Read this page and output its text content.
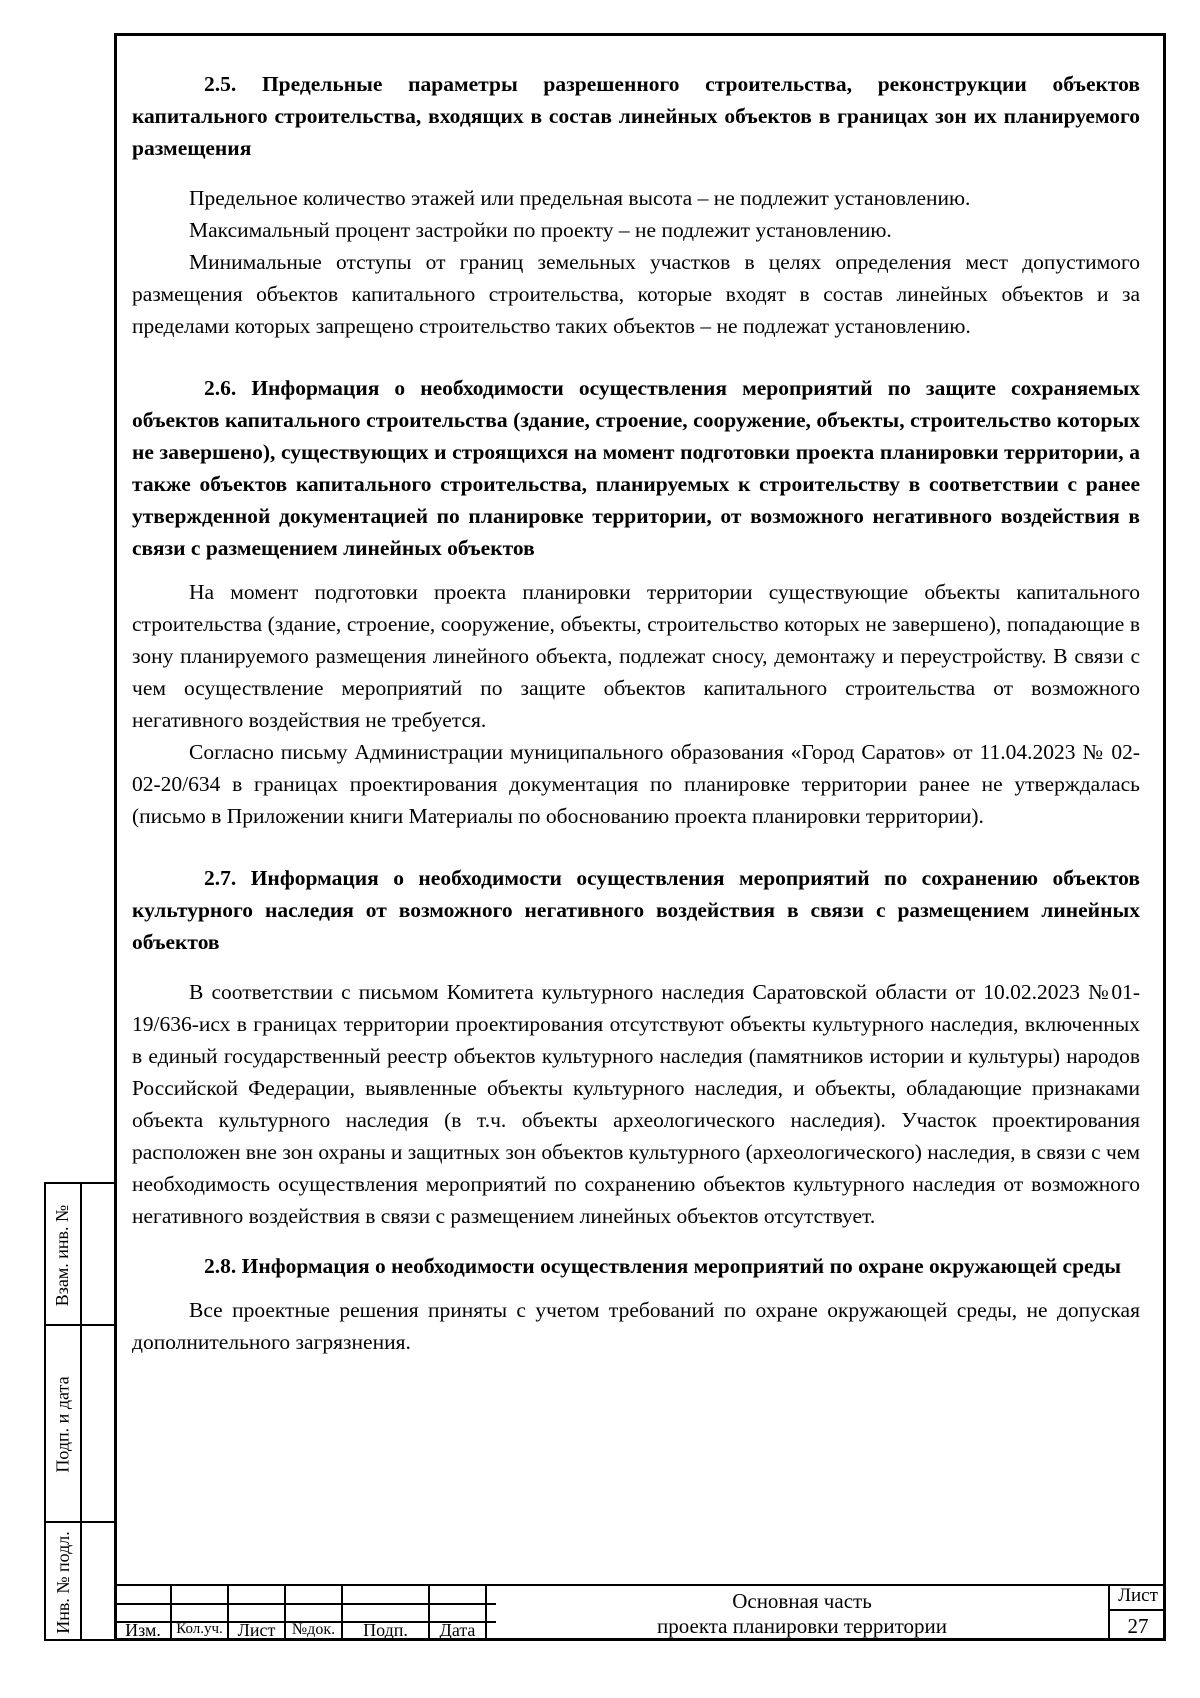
2.5. Предельные параметры разрешенного строительства, реконструкции объектов капитального строительства, входящих в состав линейных объектов в границах зон их планируемого размещения

Предельное количество этажей или предельная высота – не подлежит установлению.

Максимальный процент застройки по проекту – не подлежит установлению.

Минимальные отступы от границ земельных участков в целях определения мест допустимого размещения объектов капитального строительства, которые входят в состав линейных объектов и за пределами которых запрещено строительство таких объектов – не подлежат установлению.

2.6. Информация о необходимости осуществления мероприятий по защите сохраняемых объектов капитального строительства (здание, строение, сооружение, объекты, строительство которых не завершено), существующих и строящихся на момент подготовки проекта планировки территории, а также объектов капитального строительства, планируемых к строительству в соответствии с ранее утвержденной документацией по планировке территории, от возможного негативного воздействия в связи с размещением линейных объектов

На момент подготовки проекта планировки территории существующие объекты капитального строительства (здание, строение, сооружение, объекты, строительство которых не завершено), попадающие в зону планируемого размещения линейного объекта, подлежат сносу, демонтажу и переустройству. В связи с чем осуществление мероприятий по защите объектов капитального строительства от возможного негативного воздействия не требуется.

Согласно письму Администрации муниципального образования «Город Саратов» от 11.04.2023 № 02-02-20/634 в границах проектирования документация по планировке территории ранее не утверждалась (письмо в Приложении книги Материалы по обоснованию проекта планировки территории).

2.7. Информация о необходимости осуществления мероприятий по сохранению объектов культурного наследия от возможного негативного воздействия в связи с размещением линейных объектов

В соответствии с письмом Комитета культурного наследия Саратовской области от 10.02.2023 №01-19/636-исх в границах территории проектирования отсутствуют объекты культурного наследия, включенных в единый государственный реестр объектов культурного наследия (памятников истории и культуры) народов Российской Федерации, выявленные объекты культурного наследия, и объекты, обладающие признаками объекта культурного наследия (в т.ч. объекты археологического наследия). Участок проектирования расположен вне зон охраны и защитных зон объектов культурного (археологического) наследия, в связи с чем необходимость осуществления мероприятий по сохранению объектов культурного наследия от возможного негативного воздействия в связи с размещением линейных объектов отсутствует.

2.8. Информация о необходимости осуществления мероприятий по охране окружающей среды

Все проектные решения приняты с учетом требований по охране окружающей среды, не допуская дополнительного загрязнения.

Взам. инв. №
Подп. и дата
Инв. № подл.	Изм.	Кол.уч. Лист	№док.	Подп.	Дата
Основная часть
проекта планировки территории
Лист
27
